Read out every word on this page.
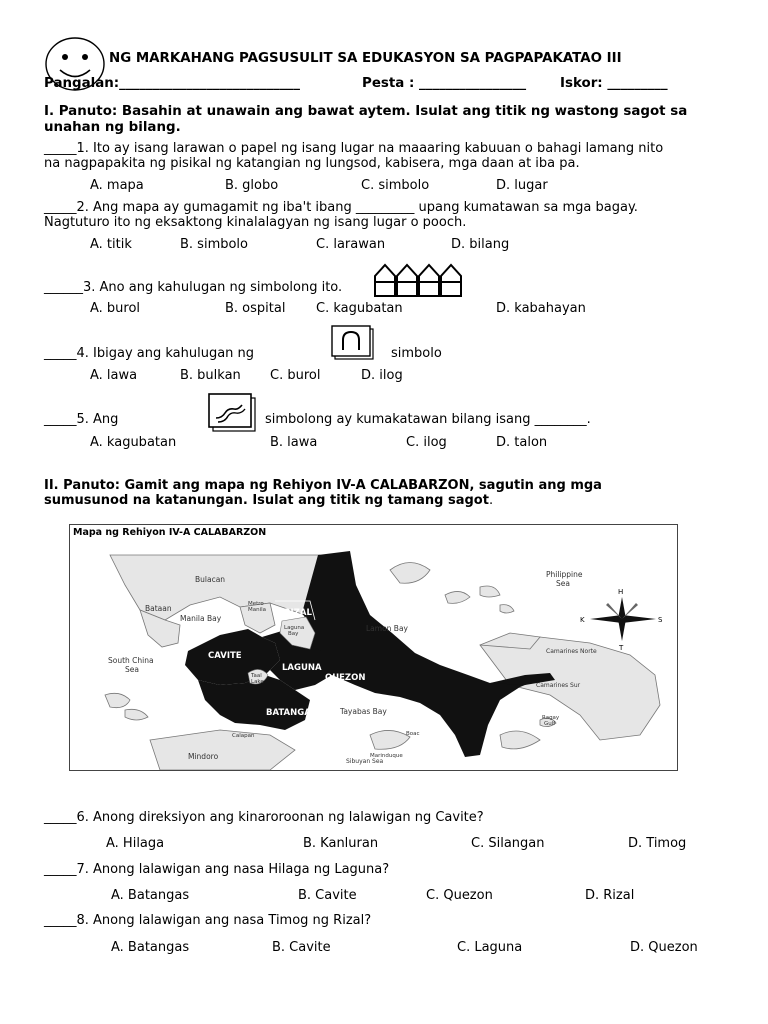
NG MARKAHANG PAGSUSULIT SA EDUKASYON SA PAGPAPAKATAO III
Pangalan:___________________________	Pesta : ________________	Iskor: _________
I. Panuto: Basahin at unawain ang bawat aytem. Isulat ang titik ng wastong sagot sa
unahan ng bilang.
_____1. Ito ay isang larawan o papel ng isang lugar na maaaring kabuuan o bahagi lamang nito
na nagpapakita ng pisikal ng katangian ng lungsod, kabisera, mga daan at iba pa.
A. mapa	B. globo	C. simbolo	D. lugar
_____2. Ang mapa ay gumagamit ng iba't ibang _________ upang kumatawan sa mga bagay.
Nagtuturo ito ng eksaktong kinalalagyan ng isang lugar o pooch.
A. titik	B. simbolo	C. larawan	D. bilang
______3. Ano ang kahulugan ng simbolong ito.
A. burol	B. ospital C. kagubatan	D. kabahayan
_____4. Ibigay ang kahulugan ng	simbolo
A. lawa	B. bulkan C. burol	D. ilog
_____5. Ang	simbolong ay kumakatawan bilang isang ________.
A. kagubatan	B. lawa	C. ilog	D. talon
II. Panuto: Gamit ang mapa ng Rehiyon IV-A CALABARZON, sagutin ang mga
sumusunod na katanungan. Isulat ang titik ng tamang sagot.
Mapa ng Rehiyon IV-A CALABARZON
Bulacan
Bataan
Manila Bay
Metro
Manila
Laguna
Bay
Taal
Lake
South China
Sea
Lamon Bay
Philippine
Sea
Camarines Norte
Camarines Sur
Ragay
Gulf
Tayabas Bay
Mindoro	Marinduque
Sibuyan Sea
Calapan	Boac
H
T
S
K
RIZAL
CAVITE
LAGUNA
QUEZON
BATANGAS
_____6. Anong direksiyon ang kinaroroonan ng lalawigan ng Cavite?
A. Hilaga	B. Kanluran	C. Silangan	D. Timog
_____7. Anong lalawigan ang nasa Hilaga ng Laguna?
A. Batangas	B. Cavite	C. Quezon	D. Rizal
_____8. Anong lalawigan ang nasa Timog ng Rizal?
A. Batangas	B. Cavite	C. Laguna	D. Quezon
